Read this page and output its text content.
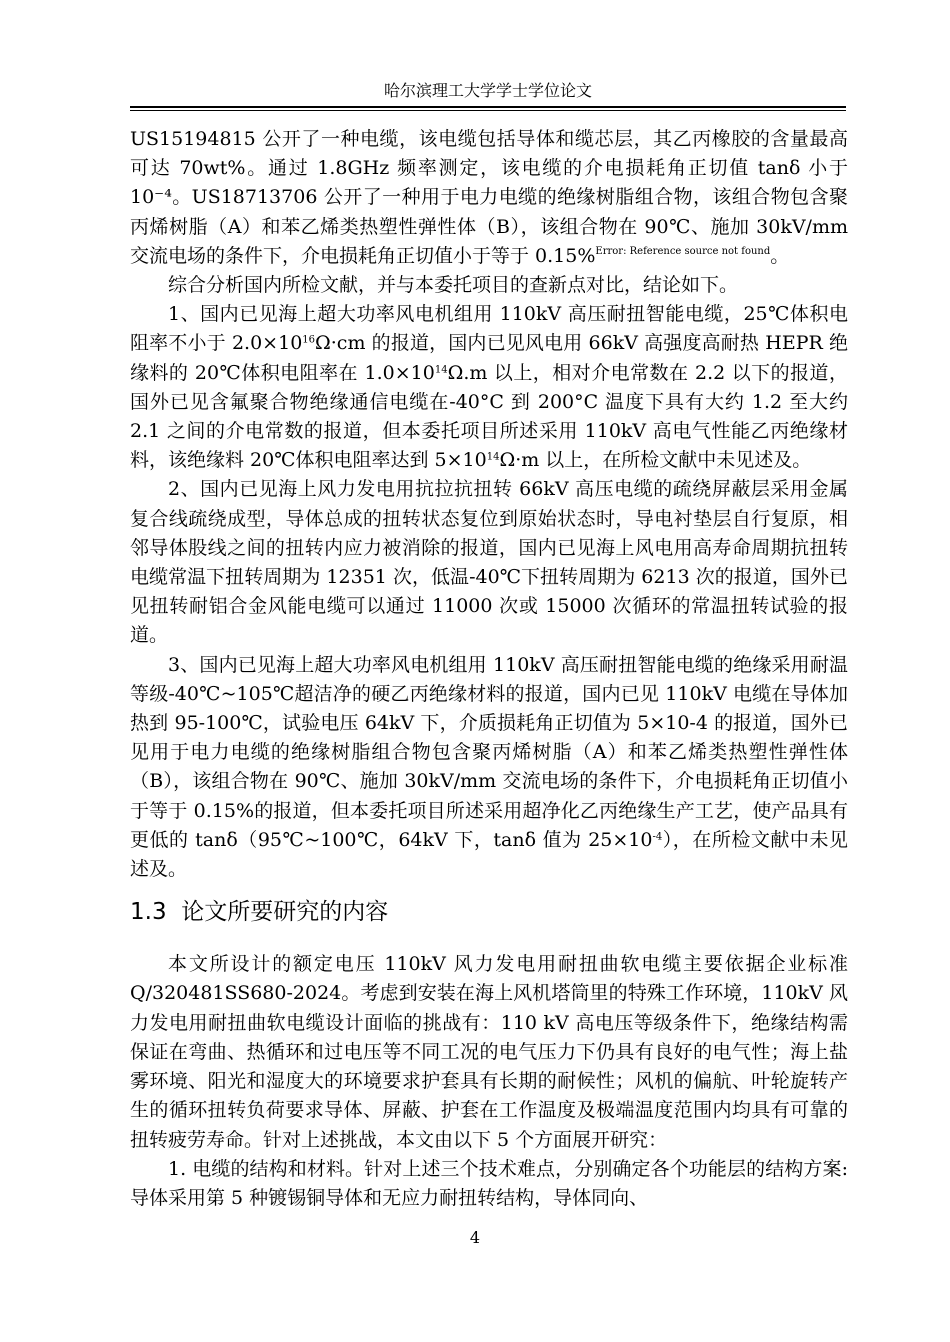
哈尔滨理工大学学士学位论文

US15194815 公开了一种电缆，该电缆包括导体和缆芯层，其乙丙橡胶的含量最高可达 70wt%。通过 1.8GHz 频率测定，该电缆的介电损耗角正切值 tanδ 小于 10⁻⁴。US18713706 公开了一种用于电力电缆的绝缘树脂组合物，该组合物包含聚丙烯树脂（A）和苯乙烯类热塑性弹性体（B），该组合物在 90℃、施加 30kV/mm 交流电场的条件下，介电损耗角正切值小于等于 0.15%$^{Error: Reference source not found}$。

综合分析国内所检文献，并与本委托项目的查新点对比，结论如下。

1、国内已见海上超大功率风电机组用 110kV 高压耐扭智能电缆，25℃体积电阻率不小于 $2.0\times 10^{16}\Omega\cdot cm$ 的报道，国内已见风电用 66kV 高强度高耐热 HEPR 绝缘料的 20℃体积电阻率在 $1.0\times 10^{14}\Omega.m$ 以上，相对介电常数在 2.2 以下的报道，国外已见含氟聚合物绝缘通信电缆在-40°C 到 200°C 温度下具有大约 1.2 至大约 2.1 之间的介电常数的报道，但本委托项目所述采用 110kV 高电气性能乙丙绝缘材料，该绝缘料 20℃体积电阻率达到 $5\times 10^{14}\Omega\cdot m$ 以上，在所检文献中未见述及。

2、国内已见海上风力发电用抗拉抗扭转 66kV 高压电缆的疏绕屏蔽层采用金属复合线疏绕成型，导体总成的扭转状态复位到原始状态时，导电衬垫层自行复原，相邻导体股线之间的扭转内应力被消除的报道，国内已见海上风电用高寿命周期抗扭转电缆常温下扭转周期为 12351 次，低温-40℃下扭转周期为 6213 次的报道，国外已见扭转耐铝合金风能电缆可以通过 11000 次或 15000 次循环的常温扭转试验的报道。

3、国内已见海上超大功率风电机组用 110kV 高压耐扭智能电缆的绝缘采用耐温等级-40℃~105℃超洁净的硬乙丙绝缘材料的报道，国内已见 110kV 电缆在导体加热到 95-100℃，试验电压 64kV 下，介质损耗角正切值为 5×10-4 的报道，国外已见用于电力电缆的绝缘树脂组合物包含聚丙烯树脂（A）和苯乙烯类热塑性弹性体（B），该组合物在 90℃、施加 30kV/mm 交流电场的条件下，介电损耗角正切值小于等于 0.15%的报道，但本委托项目所述采用超净化乙丙绝缘生产工艺，使产品具有更低的 tanδ（95℃~100℃，64kV 下，tanδ 值为 $25\times 10^{-4}$），在所检文献中未见述及。

1.3 论文所要研究的内容

本文所设计的额定电压 110kV 风力发电用耐扭曲软电缆主要依据企业标准 Q/320481SS680-2024。考虑到安装在海上风机塔筒里的特殊工作环境，110kV 风力发电用耐扭曲软电缆设计面临的挑战有：110 kV 高电压等级条件下，绝缘结构需保证在弯曲、热循环和过电压等不同工况的电气压力下仍具有良好的电气性；海上盐雾环境、阳光和湿度大的环境要求护套具有长期的耐候性；风机的偏航、叶轮旋转产生的循环扭转负荷要求导体、屏蔽、护套在工作温度及极端温度范围内均具有可靠的扭转疲劳寿命。针对上述挑战，本文由以下 5 个方面展开研究：

1. 电缆的结构和材料。针对上述三个技术难点，分别确定各个功能层的结构方案:导体采用第 5 种镀锡铜导体和无应力耐扭转结构，导体同向、

4
